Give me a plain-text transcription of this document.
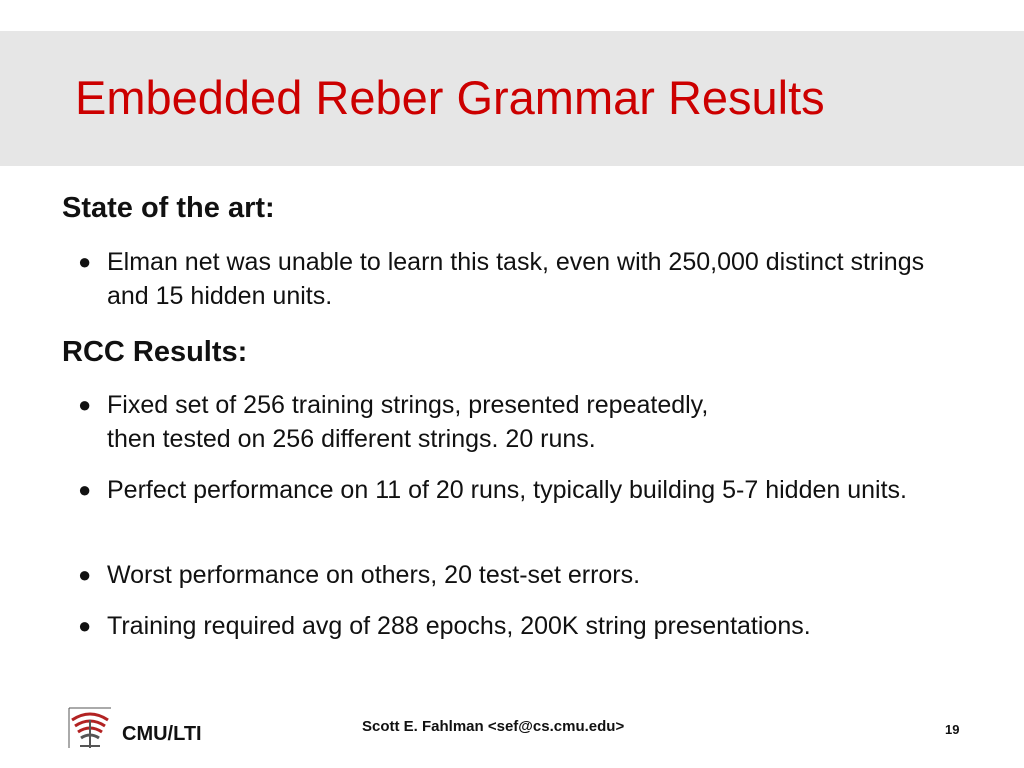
Embedded Reber Grammar Results
State of the art:
● Elman net was unable to learn this task, even with 250,000 distinct strings and 15 hidden units.
RCC Results:
● Fixed set of 256 training strings, presented repeatedly,
then tested on 256 different strings. 20 runs.
● Perfect performance on 11 of 20 runs, typically building 5-7 hidden units.
● Worst performance on others, 20 test-set errors.
● Training required avg of 288 epochs, 200K string presentations.
CMU/LTI	Scott E. Fahlman <sef@cs.cmu.edu>	19
